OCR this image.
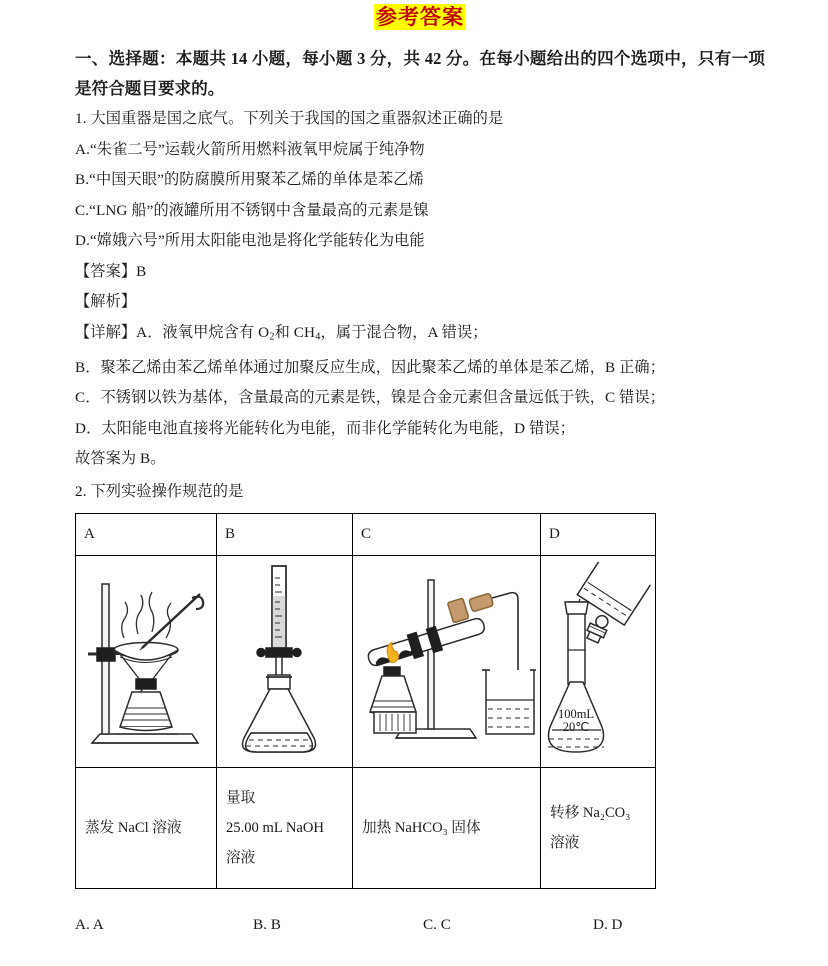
参考答案
一、选择题：本题共 14 小题，每小题 3 分，共 42 分。在每小题给出的四个选项中，只有一项是符合题目要求的。
1. 大国重器是国之底气。下列关于我国的国之重器叙述正确的是
A.“朱雀二号”运载火箭所用燃料液氧甲烷属于纯净物
B.“中国天眼”的防腐膜所用聚苯乙烯的单体是苯乙烯
C.“LNG 船”的液罐所用不锈钢中含量最高的元素是镍
D.“嫦娥六号”所用太阳能电池是将化学能转化为电能
【答案】B
【解析】
【详解】A．液氧甲烷含有 $O_2$和 $CH_4$，属于混合物，A 错误；
B．聚苯乙烯由苯乙烯单体通过加聚反应生成，因此聚苯乙烯的单体是苯乙烯，B 正确；
C．不锈钢以铁为基体，含量最高的元素是铁，镍是合金元素但含量远低于铁，C 错误；
D．太阳能电池直接将光能转化为电能，而非化学能转化为电能，D 错误；
故答案为 B。
2. 下列实验操作规范的是
A	B	C	D

100mL
20℃

蒸发 NaCl 溶液	量取
25.00 mL NaOH
溶液	加热 NaHCO₃ 固体	转移 Na₂CO₃
溶液
A. A	B. B	C. C	D. D
